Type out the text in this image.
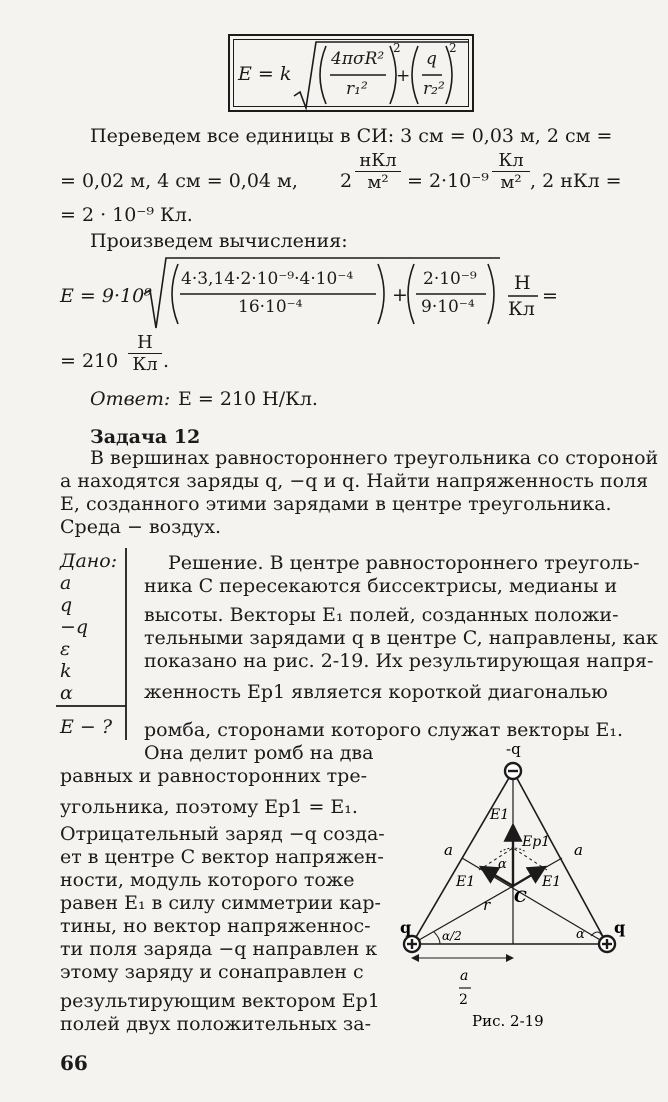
E = k
4πσR²
r₁²
+
q
r₂²
2	2
Переведем все единицы в СИ: 3 см = 0,03 м, 2 см =
= 0,02 м, 4 см = 0,04 м, 2
нКл
м² = 2·10⁻⁹
Кл
м² , 2 нКл =
= 2 · 10⁻⁹ Кл.
Произведем вычисления:
E = 9·10⁹
4·3,14·2·10⁻⁹·4·10⁻⁴
16·10⁻⁴
+
2·10⁻⁹
9·10⁻⁴
Н
Кл
=
= 210
Н
Кл .
Ответ: E = 210 Н/Кл.
Задача 12
В вершинах равностороннего треугольника со стороной
a находятся заряды q, −q и q. Найти напряженность поля
E, созданного этими зарядами в центре треугольника.
Среда − воздух.
Дано:
a
q
−q
ε
k
α
E − ?
Решение. В центре равностороннего треуголь-
ника C пересекаются биссектрисы, медианы и
высоты. Векторы E₁ полей, созданных положи-
тельными зарядами q в центре C, направлены, как
показано на рис. 2-19. Их результирующая напря-
женность Eр1 является короткой диагональю
ромба, сторонами которого служат векторы E₁.
Она делит ромб на два
равных и равносторонних тре-
угольника, поэтому Eр1 = E₁.
Отрицательный заряд −q созда-
ет в центре C вектор напряжен-
ности, модуль которого тоже
равен E₁ в силу симметрии кар-
тины, но вектор напряженнос-
ти поля заряда −q направлен к
этому заряду и сонаправлен с
результирующим вектором Eр1
полей двух положительных за-
-q
q	q
a	a
r C
E1	E1
E1
Eр1
α
α/2	α
a
2
Рис. 2-19
66
